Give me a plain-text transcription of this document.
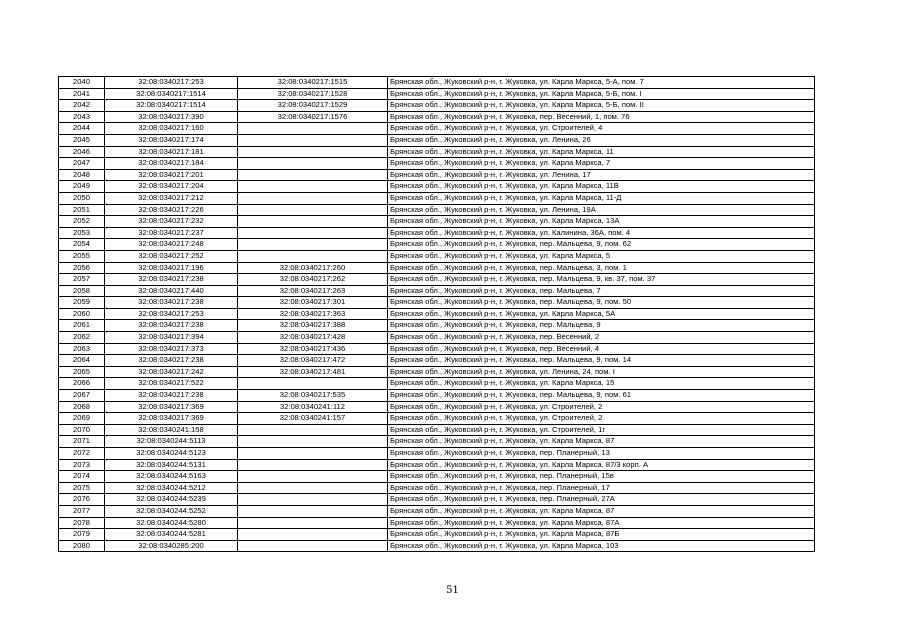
2040	32:08:0340217:253	32:08:0340217:1515	Брянская обл., Жуковский р-н, г. Жуковка, ул. Карла Маркса, 5-А, пом. 7
2041	32:08:0340217:1514	32:08:0340217:1528	Брянская обл., Жуковский р-н, г. Жуковка, ул. Карла Маркса, 5-Б, пом. I
2042	32:08:0340217:1514	32:08:0340217:1529	Брянская обл., Жуковский р-н, г. Жуковка, ул. Карла Маркса, 5-Б, пом. II
2043	32:08:0340217:390	32:08:0340217:1576	Брянская обл., Жуковский р-н, г. Жуковка, пер. Весенний, 1, пом. 76
2044	32:08:0340217:160		Брянская обл., Жуковский р-н, г. Жуковка, ул. Строителей, 4
2045	32:08:0340217:174		Брянская обл., Жуковский р-н, г. Жуковка, ул. Ленина, 26
2046	32:08:0340217:181		Брянская обл., Жуковский р-н, г. Жуковка, ул. Карла Маркса, 11
2047	32:08:0340217:184		Брянская обл., Жуковский р-н, г. Жуковка, ул. Карла Маркса, 7
2048	32:08:0340217:201		Брянская обл., Жуковский р-н, г. Жуковка, ул. Ленина, 17
2049	32:08:0340217:204		Брянская обл., Жуковский р-н, г. Жуковка, ул. Карла Маркса, 11В
2050	32:08:0340217:212		Брянская обл., Жуковский р-н, г. Жуковка, ул. Карла Маркса, 11-Д
2051	32:08:0340217:226		Брянская обл., Жуковский р-н, г. Жуковка, ул. Ленина, 19А
2052	32:08:0340217:232		Брянская обл., Жуковский р-н, г. Жуковка, ул. Карла Маркса, 13А
2053	32:08:0340217:237		Брянская обл., Жуковский р-н, г. Жуковка, ул. Калинина, 36А, пом. 4
2054	32:08:0340217:248		Брянская обл., Жуковский р-н, г. Жуковка, пер. Мальцева, 9, пом. 62
2055	32:08:0340217:252		Брянская обл., Жуковский р-н, г. Жуковка, ул. Карла Маркса, 5
2056	32:08:0340217:196	32:08:0340217:260	Брянская обл., Жуковский р-н, г. Жуковка, пер. Мальцева, 3, пом. 1
2057	32:08:0340217:238	32:08:0340217:262	Брянская обл., Жуковский р-н, г. Жуковка, пер. Мальцева, 9, кв. 37, пом. 37
2058	32:08:0340217:440	32:08:0340217:263	Брянская обл., Жуковский р-н, г. Жуковка, пер. Мальцева, 7
2059	32:08:0340217:238	32:08:0340217:301	Брянская обл., Жуковский р-н, г. Жуковка, пер. Мальцева, 9, пом. 50
2060	32:08:0340217:253	32:08:0340217:363	Брянская обл., Жуковский р-н, г. Жуковка, ул. Карла Маркса, 5А
2061	32:08:0340217:238	32:08:0340217:388	Брянская обл., Жуковский р-н, г. Жуковка, пер. Мальцева, 9
2062	32:08:0340217:394	32:08:0340217:428	Брянская обл., Жуковский р-н, г. Жуковка, пер. Весенний, 2
2063	32:08:0340217:373	32:08:0340217:436	Брянская обл., Жуковский р-н, г. Жуковка, пер. Весенний, 4
2064	32:08:0340217:238	32:08:0340217:472	Брянская обл., Жуковский р-н, г. Жуковка, пер. Мальцева, 9, пом. 14
2065	32:08:0340217:242	32:08:0340217:481	Брянская обл., Жуковский р-н, г. Жуковка, ул. Ленина, 24, пом. I
2066	32:08:0340217:522		Брянская обл., Жуковский р-н, г. Жуковка, ул. Карла Маркса, 15
2067	32:08:0340217:238	32:08:0340217:535	Брянская обл., Жуковский р-н, г. Жуковка, пер. Мальцева, 9, пом. 61
2068	32:08:0340217:369	32:08:0340241:112	Брянская обл., Жуковский р-н, г. Жуковка, ул. Строителей, 2
2069	32:08:0340217:369	32:08:0340241:157	Брянская обл., Жуковский р-н, г. Жуковка, ул. Строителей, 2
2070	32:08:0340241:158		Брянская обл., Жуковский р-н, г. Жуковка, ул. Строителей, 1г
2071	32:08:0340244:5113		Брянская обл., Жуковский р-н, г. Жуковка, ул. Карла Маркса, 87
2072	32:08:0340244:5123		Брянская обл., Жуковский р-н, г. Жуковка, пер. Планерный, 13
2073	32:08:0340244:5131		Брянская обл., Жуковский р-н, г. Жуковка, ул. Карла Маркса, 87/3 корп. А
2074	32:08:0340244:5163		Брянская обл., Жуковский р-н, г. Жуковка, пер. Планерный, 15в
2075	32:08:0340244:5212		Брянская обл., Жуковский р-н, г. Жуковка, пер. Планерный, 17
2076	32:08:0340244:5239		Брянская обл., Жуковский р-н, г. Жуковка, пер. Планерный, 27А
2077	32:08:0340244:5252		Брянская обл., Жуковский р-н, г. Жуковка, ул. Карла Маркса, 87
2078	32:08:0340244:5280		Брянская обл., Жуковский р-н, г. Жуковка, ул. Карла Маркса, 87А
2079	32:08:0340244:5281		Брянская обл., Жуковский р-н, г. Жуковка, ул. Карла Маркса, 87Б
2080	32:08:0340285:200		Брянская обл., Жуковский р-н, г. Жуковка, ул. Карла Маркса, 103
51
